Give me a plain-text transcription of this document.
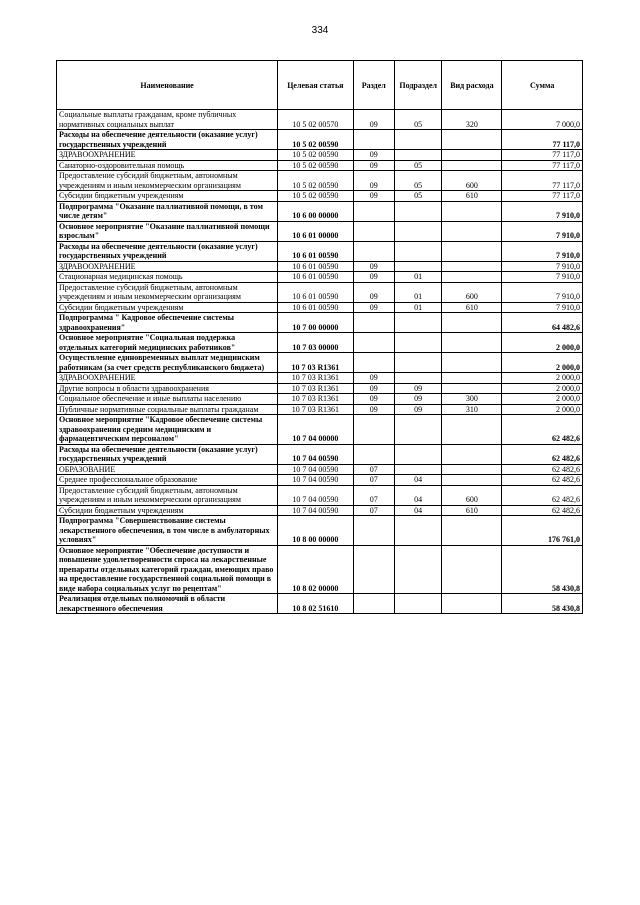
334
Наименование	Целевая статья	Раздел	Подраздел	Вид расхода	Сумма
Социальные выплаты гражданам, кроме публичных нормативных социальных выплат	10 5 02 00570	09	05	320	7 000,0
Расходы на обеспечение деятельности (оказание услуг) государственных учреждений	10 5 02 00590				77 117,0
ЗДРАВООХРАНЕНИЕ	10 5 02 00590	09			77 117,0
Санаторно-оздоровительная помощь	10 5 02 00590	09	05		77 117,0
Предоставление субсидий бюджетным, автономным учреждениям и иным некоммерческим организациям	10 5 02 00590	09	05	600	77 117,0
Субсидии бюджетным учреждениям	10 5 02 00590	09	05	610	77 117,0
Подпрограмма "Оказание паллиативной помощи, в том числе детям"	10 6 00 00000				7 910,0
Основное мероприятие "Оказание паллиативной помощи взрослым"	10 6 01 00000				7 910,0
Расходы на обеспечение деятельности (оказание услуг) государственных учреждений	10 6 01 00590				7 910,0
ЗДРАВООХРАНЕНИЕ	10 6 01 00590	09			7 910,0
Стационарная медицинская помощь	10 6 01 00590	09	01		7 910,0
Предоставление субсидий бюджетным, автономным учреждениям и иным некоммерческим организациям	10 6 01 00590	09	01	600	7 910,0
Субсидии бюджетным учреждениям	10 6 01 00590	09	01	610	7 910,0
Подпрограмма " Кадровое обеспечение системы здравоохранения"	10 7 00 00000				64 482,6
Основное мероприятие "Социальная поддержка отдельных категорий медицинских работников"	10 7 03 00000				2 000,0
Осуществление единовременных выплат медицинским работникам (за счет средств республиканского бюджета)	10 7 03 R1361				2 000,0
ЗДРАВООХРАНЕНИЕ	10 7 03 R1361	09			2 000,0
Другие вопросы в области здравоохранения	10 7 03 R1361	09	09		2 000,0
Социальное обеспечение и иные выплаты населению	10 7 03 R1361	09	09	300	2 000,0
Публичные нормативные социальные выплаты гражданам	10 7 03 R1361	09	09	310	2 000,0
Основное мероприятие "Кадровое обеспечение системы здравоохранения средним медицинским и фармацевтическим персоналом"	10 7 04 00000				62 482,6
Расходы на обеспечение деятельности (оказание услуг) государственных учреждений	10 7 04 00590				62 482,6
ОБРАЗОВАНИЕ	10 7 04 00590	07			62 482,6
Среднее профессиональное образование	10 7 04 00590	07	04		62 482,6
Предоставление субсидий бюджетным, автономным учреждениям и иным некоммерческим организациям	10 7 04 00590	07	04	600	62 482,6
Субсидии бюджетным учреждениям	10 7 04 00590	07	04	610	62 482,6
Подпрограмма "Совершенствование системы лекарственного обеспечения, в том числе в амбулаторных условиях"	10 8 00 00000				176 761,0
Основное мероприятие "Обеспечение доступности и повышение удовлетворенности спроса на лекарственные препараты отдельных категорий граждан, имеющих право на предоставление государственной социальной помощи в виде набора социальных услуг по рецептам"	10 8 02 00000				58 430,8
Реализация отдельных полномочий в области лекарственного обеспечения	10 8 02 51610				58 430,8
